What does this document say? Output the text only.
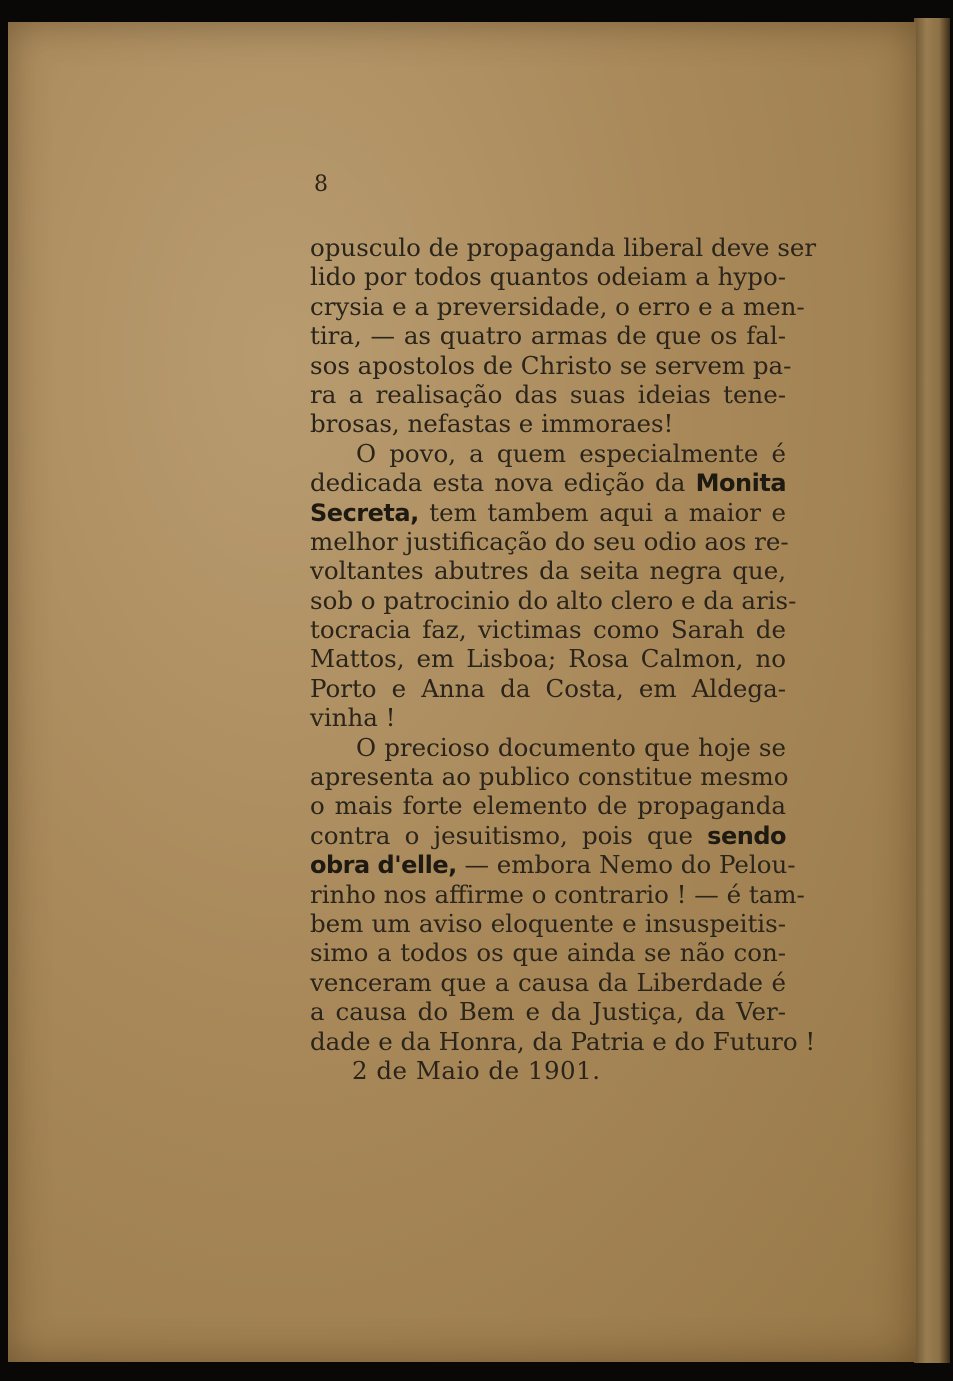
8

opusculo de propaganda liberal deve ser
lido por todos quantos odeiam a hypo-
crysia e a preversidade, o erro e a men-
tira, — as quatro armas de que os fal-
sos apostolos de Christo se servem pa-
ra a realisação das suas ideias tene-
brosas, nefastas e immoraes!
O povo, a quem especialmente é
dedicada esta nova edição da Monita
Secreta, tem tambem aqui a maior e
melhor justificação do seu odio aos re-
voltantes abutres da seita negra que,
sob o patrocinio do alto clero e da aris-
tocracia faz, victimas como Sarah de
Mattos, em Lisboa; Rosa Calmon, no
Porto e Anna da Costa, em Aldega-
vinha !
O precioso documento que hoje se
apresenta ao publico constitue mesmo
o mais forte elemento de propaganda
contra o jesuitismo, pois que sendo
obra d'elle, — embora Nemo do Pelou-
rinho nos affirme o contrario ! — é tam-
bem um aviso eloquente e insuspeitis-
simo a todos os que ainda se não con-
venceram que a causa da Liberdade é
a causa do Bem e da Justiça, da Ver-
dade e da Honra, da Patria e do Futuro !
2 de Maio de 1901.
